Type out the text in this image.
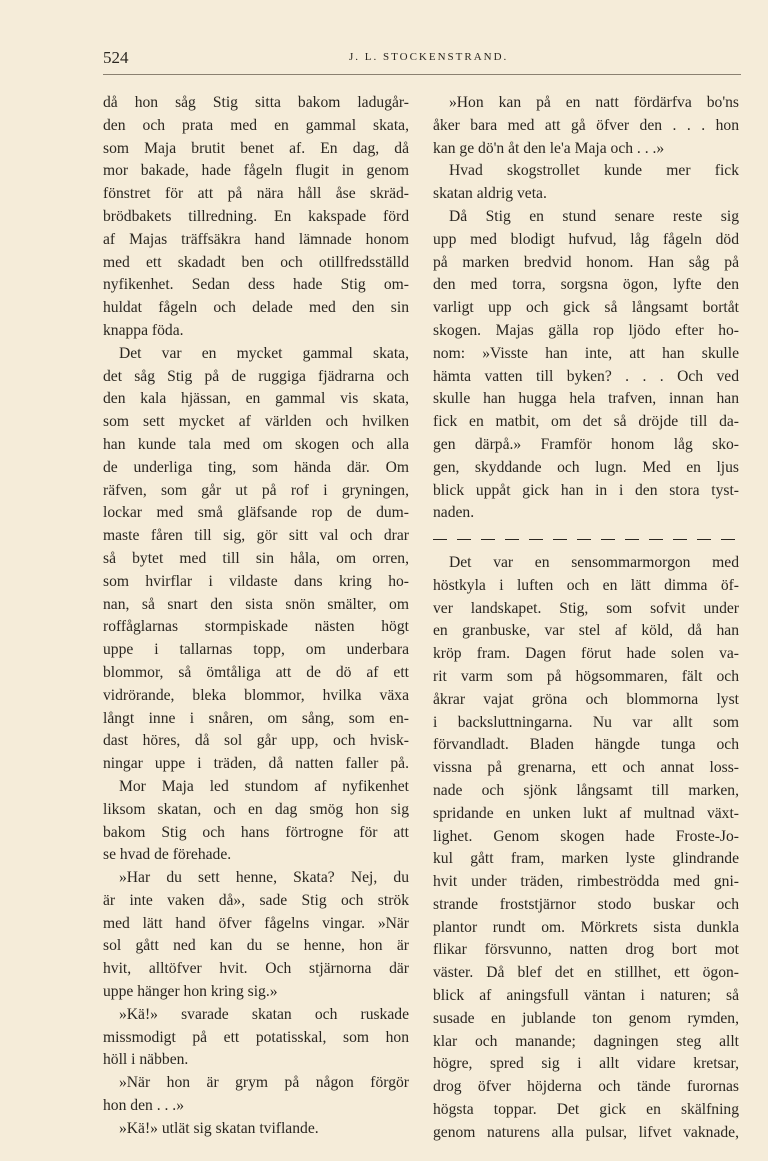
524	J. L. STOCKENSTRAND.
då hon såg Stig sitta bakom ladugår-
den och prata med en gammal skata,
som Maja brutit benet af. En dag, då
mor bakade, hade fågeln flugit in genom
fönstret för att på nära håll åse skräd-
brödbakets tillredning. En kakspade förd
af Majas träffsäkra hand lämnade honom
med ett skadadt ben och otillfredsställd
nyfikenhet. Sedan dess hade Stig om-
huldat fågeln och delade med den sin
knappa föda.
Det var en mycket gammal skata,
det såg Stig på de ruggiga fjädrarna och
den kala hjässan, en gammal vis skata,
som sett mycket af världen och hvilken
han kunde tala med om skogen och alla
de underliga ting, som hända där. Om
räfven, som går ut på rof i gryningen,
lockar med små gläfsande rop de dum-
maste fåren till sig, gör sitt val och drar
så bytet med till sin håla, om orren,
som hvirflar i vildaste dans kring ho-
nan, så snart den sista snön smälter, om
roffåglarnas stormpiskade nästen högt
uppe i tallarnas topp, om underbara
blommor, så ömtåliga att de dö af ett
vidrörande, bleka blommor, hvilka växa
långt inne i snåren, om sång, som en-
dast höres, då sol går upp, och hvisk-
ningar uppe i träden, då natten faller på.
Mor Maja led stundom af nyfikenhet
liksom skatan, och en dag smög hon sig
bakom Stig och hans förtrogne för att
se hvad de förehade.
»Har du sett henne, Skata? Nej, du
är inte vaken då», sade Stig och strök
med lätt hand öfver fågelns vingar. »När
sol gått ned kan du se henne, hon är
hvit, alltöfver hvit. Och stjärnorna där
uppe hänger hon kring sig.»
»Kä!» svarade skatan och ruskade
missmodigt på ett potatisskal, som hon
höll i näbben.
»När hon är grym på någon förgör
hon den . . .»
»Kä!» utlät sig skatan tviflande.
»Hon kan på en natt fördärfva bo'ns
åker bara med att gå öfver den . . . hon
kan ge dö'n åt den le'a Maja och . . .»
Hvad skogstrollet kunde mer fick
skatan aldrig veta.
Då Stig en stund senare reste sig
upp med blodigt hufvud, låg fågeln död
på marken bredvid honom. Han såg på
den med torra, sorgsna ögon, lyfte den
varligt upp och gick så långsamt bortåt
skogen. Majas gälla rop ljödo efter ho-
nom: »Visste han inte, att han skulle
hämta vatten till byken? . . . Och ved
skulle han hugga hela trafven, innan han
fick en matbit, om det så dröjde till da-
gen därpå.» Framför honom låg sko-
gen, skyddande och lugn. Med en ljus
blick uppåt gick han in i den stora tyst-
naden.
Det var en sensommarmorgon med
höstkyla i luften och en lätt dimma öf-
ver landskapet. Stig, som sofvit under
en granbuske, var stel af köld, då han
kröp fram. Dagen förut hade solen va-
rit varm som på högsommaren, fält och
åkrar vajat gröna och blommorna lyst
i backsluttningarna. Nu var allt som
förvandladt. Bladen hängde tunga och
vissna på grenarna, ett och annat loss-
nade och sjönk långsamt till marken,
spridande en unken lukt af multnad växt-
lighet. Genom skogen hade Froste-Jo-
kul gått fram, marken lyste glindrande
hvit under träden, rimbeströdda med gni-
strande froststjärnor stodo buskar och
plantor rundt om. Mörkrets sista dunkla
flikar försvunno, natten drog bort mot
väster. Då blef det en stillhet, ett ögon-
blick af aningsfull väntan i naturen; så
susade en jublande ton genom rymden,
klar och manande; dagningen steg allt
högre, spred sig i allt vidare kretsar,
drog öfver höjderna och tände furornas
högsta toppar. Det gick en skälfning
genom naturens alla pulsar, lifvet vaknade,
